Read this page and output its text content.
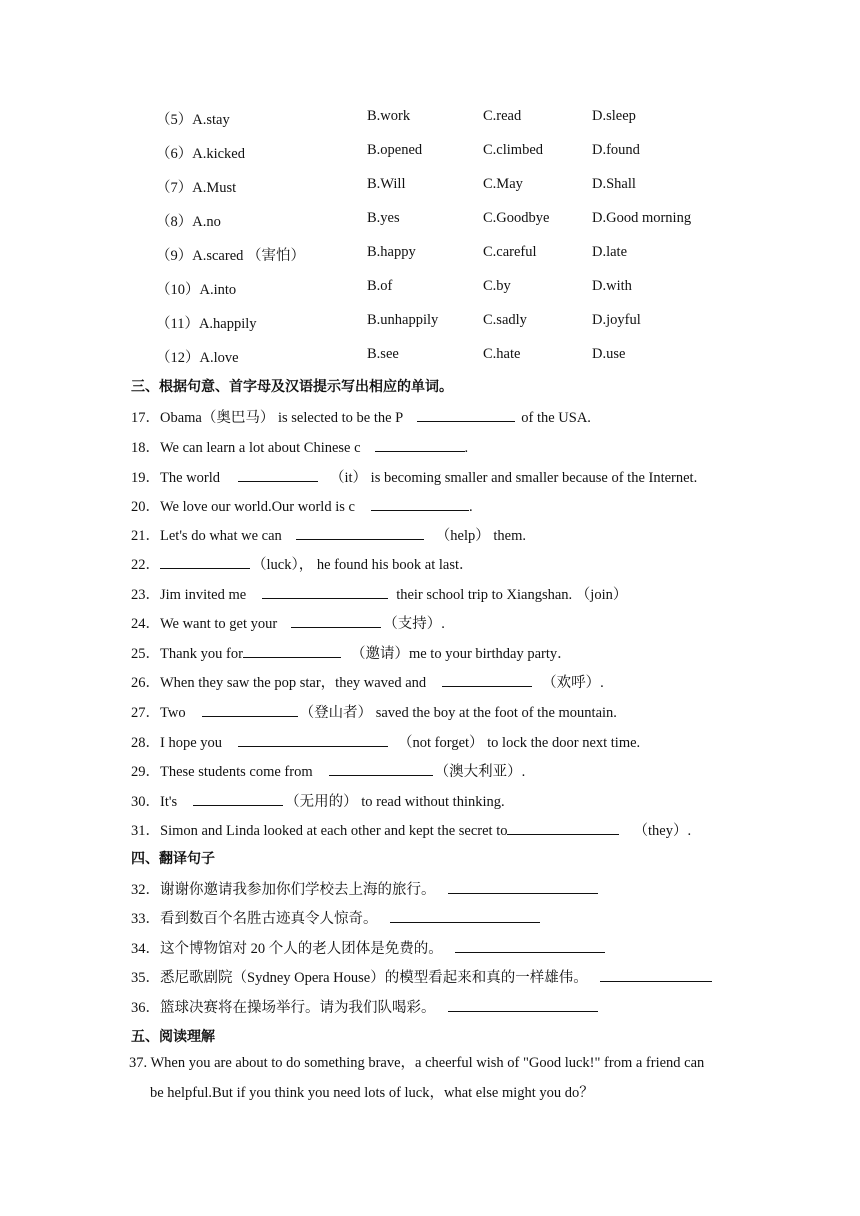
（5）A.stay	B.work	C.read	D.sleep
（6）A.kicked	B.opened	C.climbed	D.found
（7）A.Must	B.Will	C.May	D.Shall
（8）A.no	B.yes	C.Goodbye	D.Good morning
（9）A.scared （害怕）	B.happy	C.careful	D.late
（10）A.into	B.of	C.by	D.with
（11）A.happily	B.unhappily	C.sadly	D.joyful
（12）A.love	B.see	C.hate	D.use
三、根据句意、首字母及汉语提示写出相应的单词。
17．Obama（奥巴马） is selected to be the P	of the USA.
18．We can learn a lot about Chinese c	.
19．The world	（it） is becoming smaller and smaller because of the Internet.
20．We love our world.Our world is c	.
21．Let's do what we can	（help） them.
22．	（luck）， he found his book at last．
23．Jim invited me	their school trip to Xiangshan. （join）
24．We want to get your	（支持）.
25．Thank you for	（邀请）me to your birthday party．
26．When they saw the pop star，they waved and	（欢呼）.
27．Two	（登山者） saved the boy at the foot of the mountain.
28．I hope you	（not forget） to lock the door next time.
29．These students come from	（澳大利亚）.
30．It's	（无用的） to read without thinking.
31．Simon and Linda looked at each other and kept the secret to	（they）.
四、翻译句子
32．谢谢你邀请我参加你们学校去上海的旅行。
33．看到数百个名胜古迹真令人惊奇。
34．这个博物馆对 20 个人的老人团体是免费的。
35．悉尼歌剧院（Sydney Opera House）的模型看起来和真的一样雄伟。
36．篮球决赛将在操场举行。请为我们队喝彩。
五、阅读理解
37. When you are about to do something brave，a cheerful wish of "Good luck!" from a friend can
be helpful.But if you think you need lots of luck，what else might you do？
